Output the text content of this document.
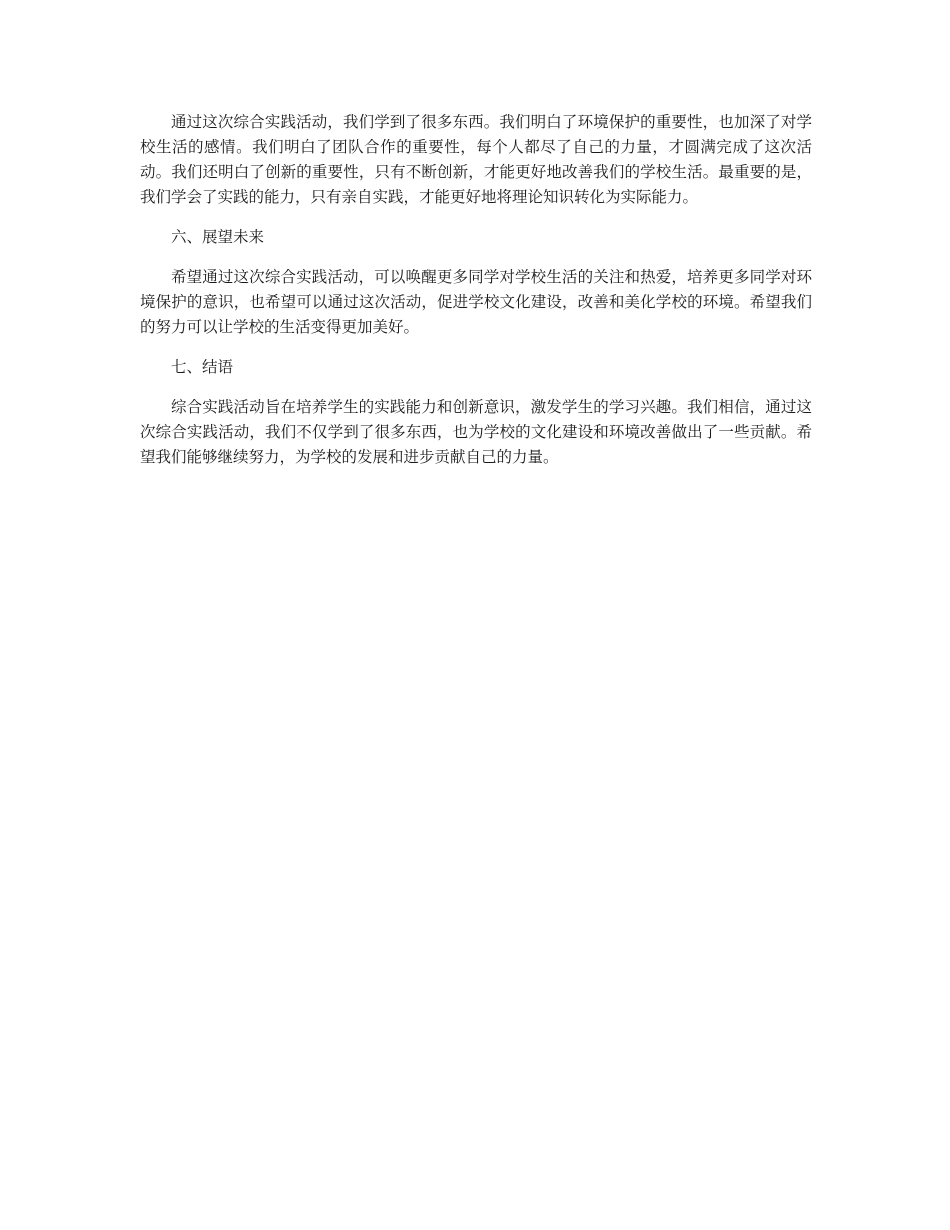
通过这次综合实践活动，我们学到了很多东西。我们明白了环境保护的重要性，也加深了对学校生活的感情。我们明白了团队合作的重要性，每个人都尽了自己的力量，才圆满完成了这次活动。我们还明白了创新的重要性，只有不断创新，才能更好地改善我们的学校生活。最重要的是，我们学会了实践的能力，只有亲自实践，才能更好地将理论知识转化为实际能力。

六、展望未来

希望通过这次综合实践活动，可以唤醒更多同学对学校生活的关注和热爱，培养更多同学对环境保护的意识，也希望可以通过这次活动，促进学校文化建设，改善和美化学校的环境。希望我们的努力可以让学校的生活变得更加美好。

七、结语

综合实践活动旨在培养学生的实践能力和创新意识，激发学生的学习兴趣。我们相信，通过这次综合实践活动，我们不仅学到了很多东西，也为学校的文化建设和环境改善做出了一些贡献。希望我们能够继续努力，为学校的发展和进步贡献自己的力量。
